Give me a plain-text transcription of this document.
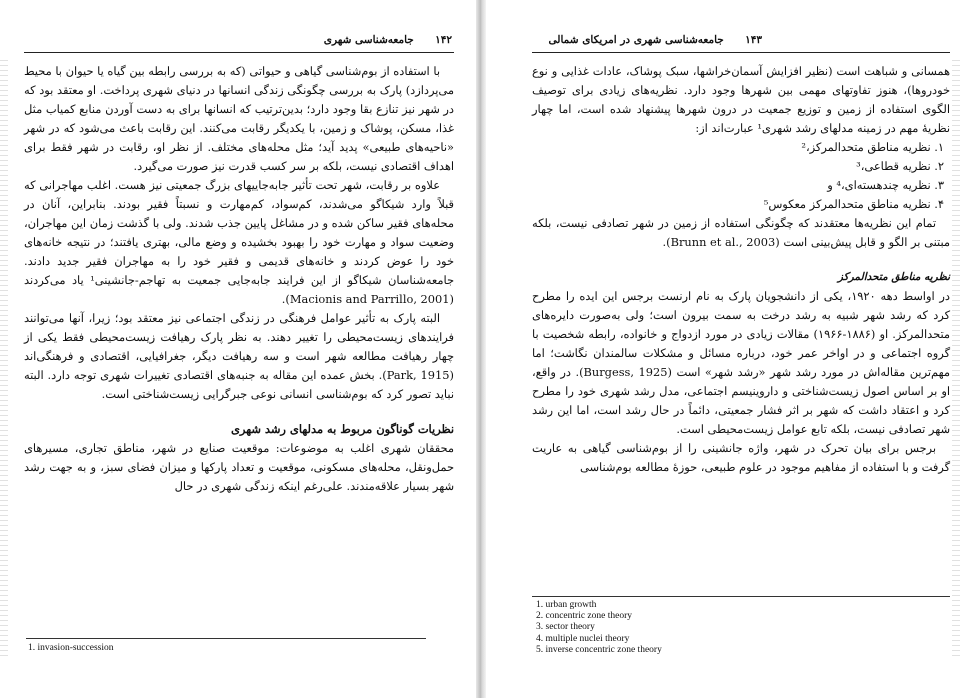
۱۴۲  جامعه‌شناسی شهری

با استفاده از بوم‌شناسی گیاهی و حیواتی (که به بررسی رابطه بین گیاه یا حیوان با محیط می‌پردازد) پارک به بررسی چگونگی زندگی انسانها در دنیای شهری پرداخت. او معتقد بود که در شهر نیز تنازع بقا وجود دارد؛ بدین‌ترتیب که انسانها برای به دست آوردن منابع کمیاب مثل غذا، مسکن، پوشاک و زمین، با یکدیگر رقابت می‌کنند. این رقابت باعث می‌شود که در شهر «ناحیه‌های طبیعی» پدید آید؛ مثل محله‌های مختلف. از نظر او، رقابت در شهر فقط برای اهداف اقتصادی نیست، بلکه بر سر کسب قدرت نیز صورت می‌گیرد.

علاوه بر رقابت، شهر تحت تأثیر جابه‌جاییهای بزرگ جمعیتی نیز هست. اغلب مهاجرانی که قبلاً وارد شیکاگو می‌شدند، کم‌سواد، کم‌مهارت و نسبتاً فقیر بودند. بنابراین، آنان در محله‌های فقیر ساکن شده و در مشاغل پایین جذب شدند. ولی با گذشت زمان این مهاجران، وضعیت سواد و مهارت خود را بهبود بخشیده و وضع مالی، بهتری یافتند؛ در نتیجه خانه‌های خود را عوض کردند و خانه‌های قدیمی و فقیر خود را به مهاجران فقیر جدید دادند. جامعه‌شناسان شیکاگو از این فرایند جابه‌جایی جمعیت به تهاجم-جانشینی¹ یاد می‌کردند (Macionis and Parrillo, 2001).

البته پارک به تأثیر عوامل فرهنگی در زندگی اجتماعی نیز معتقد بود؛ زیرا، آنها می‌توانند فرایندهای زیست‌محیطی را تغییر دهند. به نظر پارک رهیافت زیست‌محیطی فقط یکی از چهار رهیافت مطالعه شهر است و سه رهیافت دیگر، جغرافیایی، اقتصادی و فرهنگی‌اند (Park, 1915). بخش عمده این مقاله به جنبه‌های اقتصادی تغییرات شهری توجه دارد. البته نباید تصور کرد که بوم‌شناسی انسانی نوعی جبرگرایی زیست‌شناختی است.

نظریات گوناگون مربوط به مدلهای رشد شهری

محققان شهری اغلب به موضوعات: موقعیت صنایع در شهر، مناطق تجاری، مسیرهای حمل‌ونقل، محله‌های مسکونی، موقعیت و تعداد پارکها و میزان فضای سبز، و به جهت رشد شهر بسیار علاقه‌مندند. علی‌رغم اینکه زندگی شهری در حال

1. invasion-succession
۱۴۳  جامعه‌شناسی شهری در امریکای شمالی

همسانی و شباهت است (نظیر افزایش آسمان‌خراشها، سبک پوشاک، عادات غذایی و نوع خودروها)، هنوز تفاوتهای مهمی بین شهرها وجود دارد. نظریه‌های زیادی برای توصیف الگوی استفاده از زمین و توزیع جمعیت در درون شهرها پیشنهاد شده است، اما چهار نظریهٔ مهم در زمینه مدلهای رشد شهری¹ عبارت‌اند از:

۱. نظریه مناطق متحدالمرکز،²

۲. نظریه قطاعی،³

۳. نظریه چندهسته‌ای،⁴ و

۴. نظریه مناطق متحدالمرکز معکوس⁵

تمام این نظریه‌ها معتقدند که چگونگی استفاده از زمین در شهر تصادفی نیست، بلکه مبتنی بر الگو و قابل پیش‌بینی است (Brunn et al., 2003).

نظریه مناطق متحدالمرکز

در اواسط دهه ۱۹۲۰، یکی از دانشجویان پارک به نام ارنست برجس این ایده را مطرح کرد که رشد شهر شبیه به رشد درخت به سمت بیرون است؛ ولی به‌صورت دایره‌های متحدالمرکز. او (۱۸۸۶-۱۹۶۶) مقالات زیادی در مورد ازدواج و خانواده، رابطه شخصیت با گروه اجتماعی و در اواخر عمر خود، درباره مسائل و مشکلات سالمندان نگاشت؛ اما مهم‌ترین مقاله‌اش در مورد رشد شهر «رشد شهر» است (Burgess, 1925). در واقع، او بر اساس اصول زیست‌شناختی و داروینیسم اجتماعی، مدل رشد شهری خود را مطرح کرد و اعتقاد داشت که شهر بر اثر فشار جمعیتی، دائماً در حال رشد است، اما این رشد شهر تصادفی نیست، بلکه تابع عوامل زیست‌محیطی است.

برجس برای بیان تحرک در شهر، واژه جانشینی را از بوم‌شناسی گیاهی به عاریت گرفت و با استفاده از مفاهیم موجود در علوم طبیعی، حوزهٔ مطالعه بوم‌شناسی

1. urban growth
2. concentric zone theory
3. sector theory
4. multiple nuclei theory
5. inverse concentric zone theory
